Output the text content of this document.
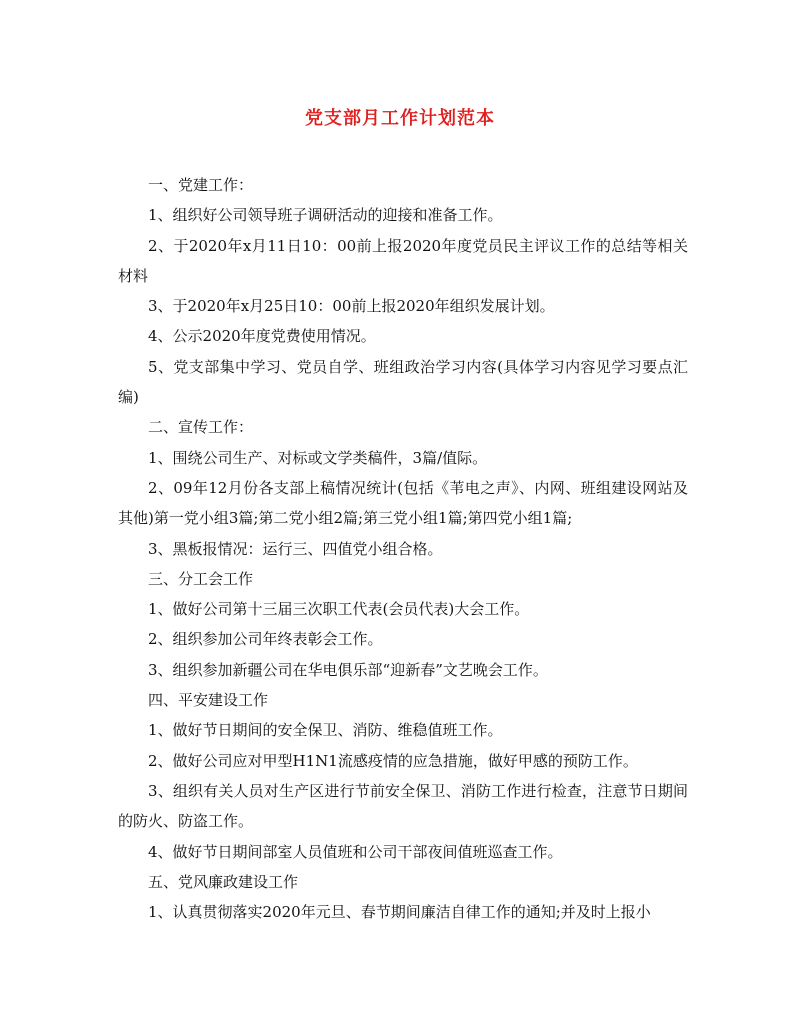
党支部月工作计划范本

一、党建工作：

1、组织好公司领导班子调研活动的迎接和准备工作。

2、于2020年x月11日10：00前上报2020年度党员民主评议工作的总结等相关材料

3、于2020年x月25日10：00前上报2020年组织发展计划。

4、公示2020年度党费使用情况。

5、党支部集中学习、党员自学、班组政治学习内容(具体学习内容见学习要点汇编)

二、宣传工作：

1、围绕公司生产、对标或文学类稿件，3篇/值际。

2、09年12月份各支部上稿情况统计(包括《苇电之声》、内网、班组建设网站及其他)第一党小组3篇;第二党小组2篇;第三党小组1篇;第四党小组1篇;

3、黑板报情况：运行三、四值党小组合格。

三、分工会工作

1、做好公司第十三届三次职工代表(会员代表)大会工作。

2、组织参加公司年终表彰会工作。

3、组织参加新疆公司在华电俱乐部“迎新春”文艺晚会工作。

四、平安建设工作

1、做好节日期间的安全保卫、消防、维稳值班工作。

2、做好公司应对甲型H1N1流感疫情的应急措施，做好甲感的预防工作。

3、组织有关人员对生产区进行节前安全保卫、消防工作进行检查，注意节日期间的防火、防盗工作。

4、做好节日期间部室人员值班和公司干部夜间值班巡查工作。

五、党风廉政建设工作

1、认真贯彻落实2020年元旦、春节期间廉洁自律工作的通知;并及时上报小
